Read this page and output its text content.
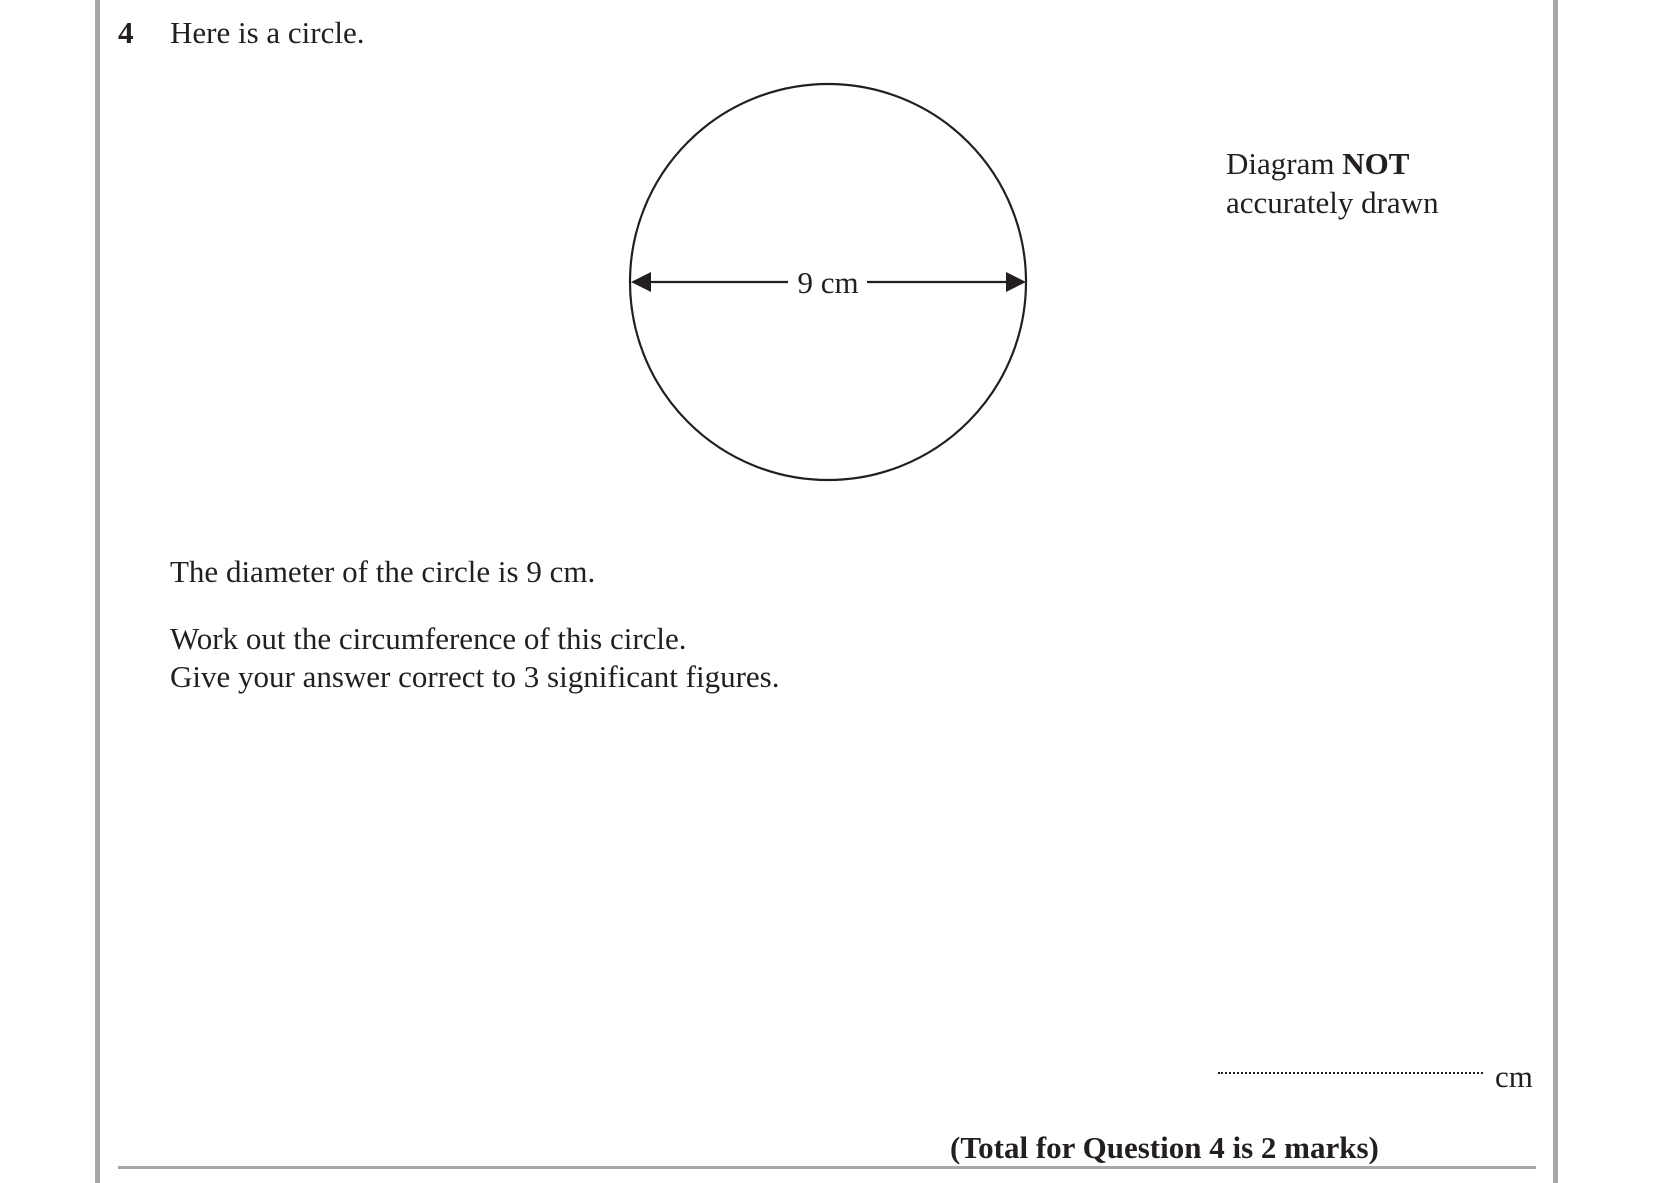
4 Here is a circle.
9 cm
Diagram NOT
accurately drawn
The diameter of the circle is 9 cm.
Work out the circumference of this circle.
Give your answer correct to 3 significant figures.
cm
(Total for Question 4 is 2 marks)
